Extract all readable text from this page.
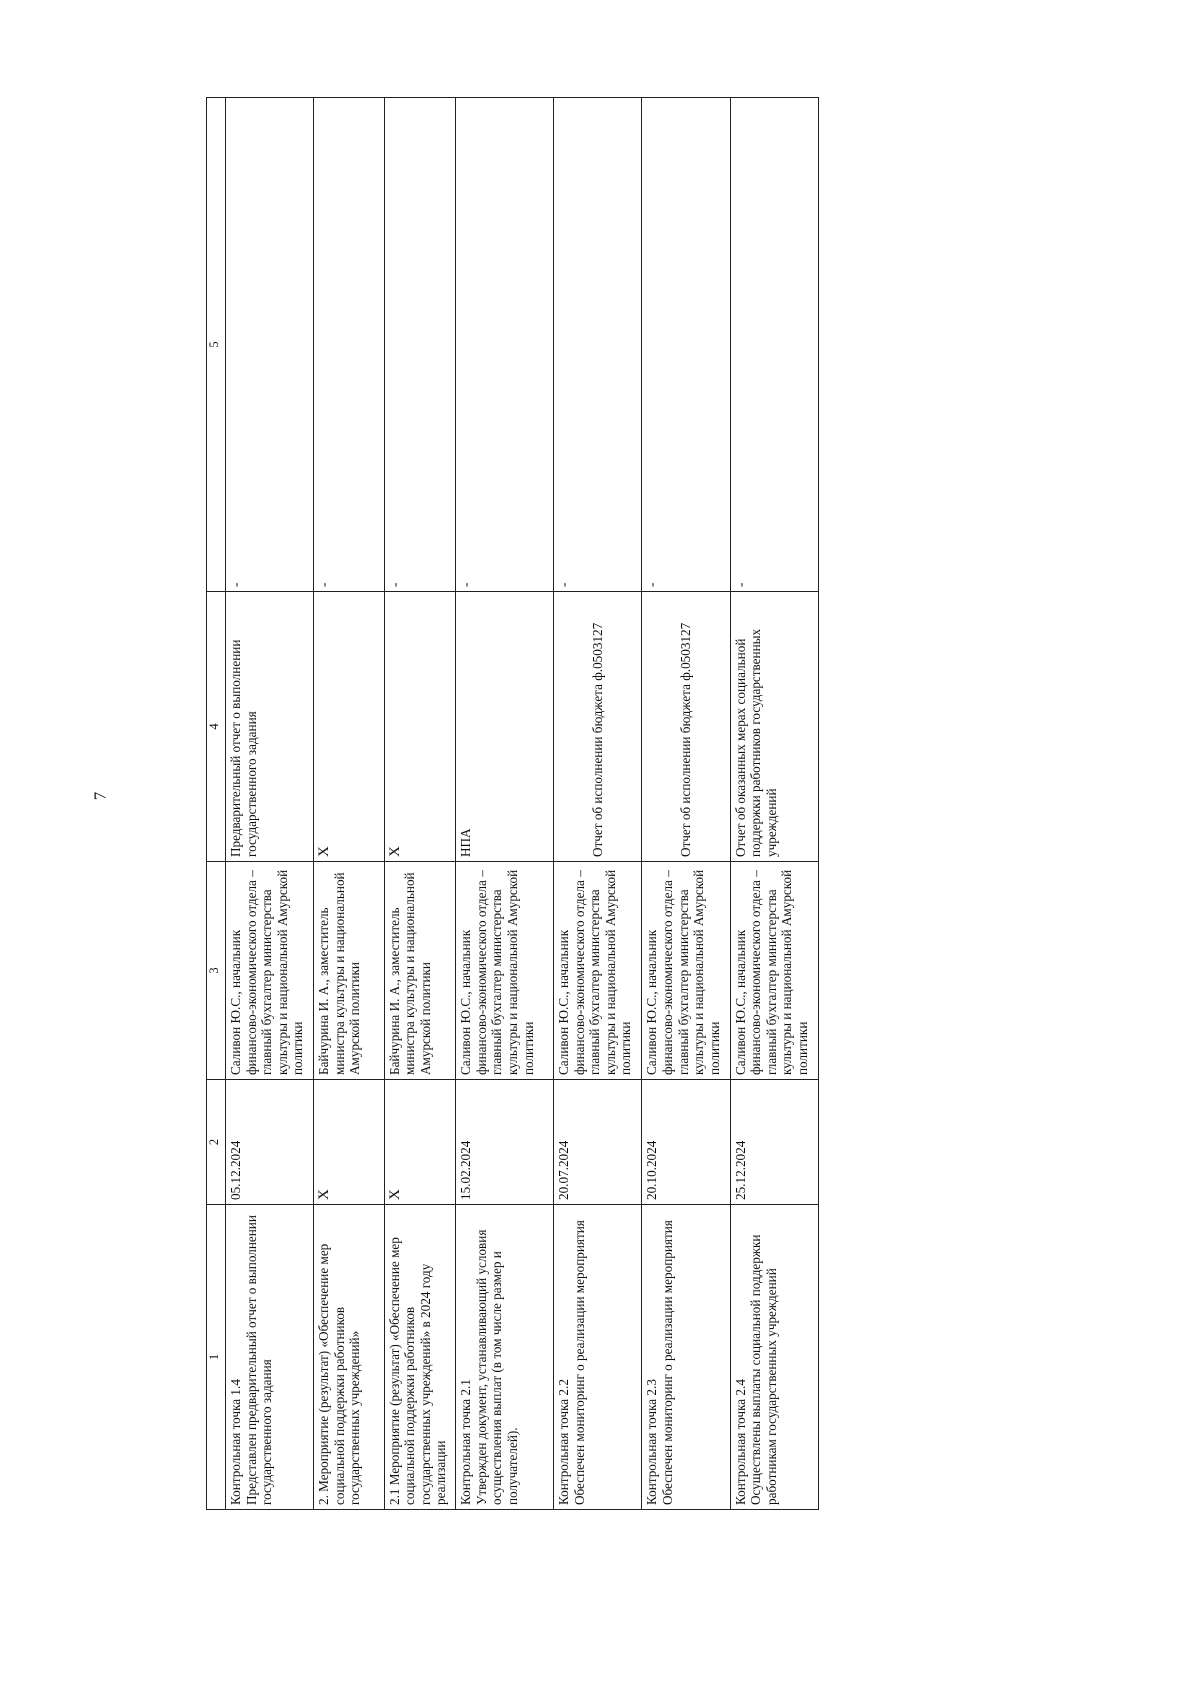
7
1	2	3	4	5

Контрольная точка 1.4 Представлен предварительный отчет о выполнении государственного задания	05.12.2024	Саливон Ю.С., начальник финансово-экономического отдела – главный бухгалтер министерства культуры и национальной Амурской политики	Предварительный отчет о выполнении государственного задания	-

2. Мероприятие (результат) «Обеспечение мер социальной поддержки работников государственных учреждений»	Х	Байчурина И. А., заместитель министра культуры и национальной Амурской политики	Х	-

2.1 Мероприятие (результат) «Обеспечение мер социальной поддержки работников государственных учреждений» в 2024 году реализации	Х	Байчурина И. А., заместитель министра культуры и национальной Амурской политики	Х	-

Контрольная точка 2.1 Утвержден документ, устанавливающий условия осуществления выплат (в том числе размер и получателей).	15.02.2024	Саливон Ю.С., начальник финансово-экономического отдела – главный бухгалтер министерства культуры и национальной Амурской политики	НПА	-

Контрольная точка 2.2 Обеспечен мониторинг о реализации мероприятия	20.07.2024	Саливон Ю.С., начальник финансово-экономического отдела – главный бухгалтер министерства культуры и национальной Амурской политики	Отчет об исполнении бюджета ф.0503127	-

Контрольная точка 2.3 Обеспечен мониторинг о реализации мероприятия	20.10.2024	Саливон Ю.С., начальник финансово-экономического отдела – главный бухгалтер министерства культуры и национальной Амурской политики	Отчет об исполнении бюджета ф.0503127	-

Контрольная точка 2.4 Осуществлены выплаты социальной поддержки работникам государственных учреждений	25.12.2024	Саливон Ю.С., начальник финансово-экономического отдела – главный бухгалтер министерства культуры и национальной Амурской политики	Отчет об оказанных мерах социальной поддержки работников государственных учреждений	-
